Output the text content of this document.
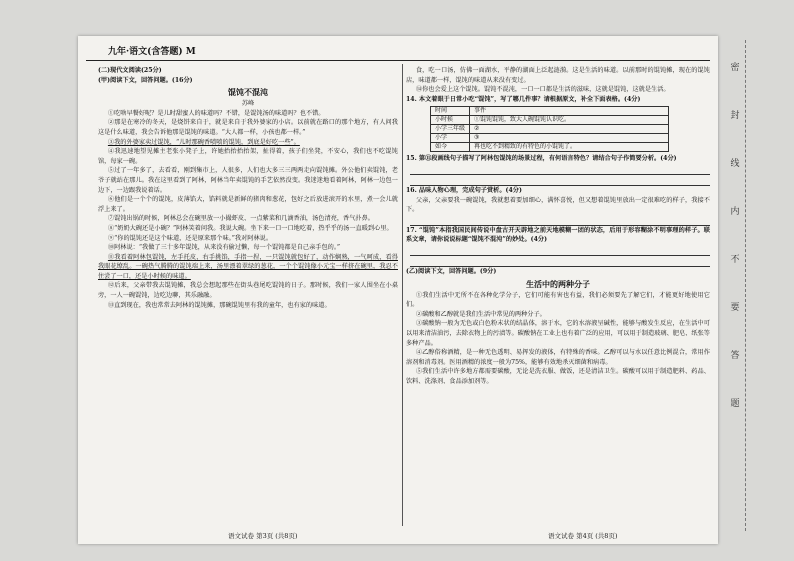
九年·语文(含答题) M

(二)现代文阅读(25分)

(甲)阅读下文，回答问题。(16分)

馄饨不混沌
苏峰

①吃啥早餐好呢？是儿时甜蜜人的味道吗？不错，是馄饨汤的味道吗？也不错。

②那是在寒冷的冬天，是烧饼来自于，就是来自于我外婆家的小店。以前就在路口的那个地方，有人问我这是什么味道，我会告诉他那是馄饨的味道。“大人都一样，小孩也都一样。”

③我的外婆家卖过馄饨，“儿时那碗香喷喷的馄饨，到底是好吃一些”。

④我迅速地望见摊主老张小凳子上，许她抬抬抬抬架，扯得着，孩子们坐凳，不安心，我们也不吃馄饨馆，每家一碗。

⑤过了一年多了，去看看，刚到集市上，人很多，人们也大多三三两两走向馄饨摊。外公他们卖馄饨，老爷子就站在那儿。我在这里看到了阿林，阿林当年卖馄饨的手艺依然没变。我迷迷地看着阿林，阿林一边包一边下，一边跟我说着话。

⑥他们是一个个的馄饨，皮薄馅大，馅料就是新鲜的猪肉和葱花，包好之后放进滚开的水里，煮一会儿就浮上来了。

⑦馄饨出锅的时候，阿林总会在碗里放一小撮虾皮、一点紫菜和几滴香油，汤色清亮，香气扑鼻。

⑧“奶奶大碗还是小碗？”阿林笑着问我。我说大碗。坐下来一口一口地吃着，热乎乎的汤一直暖到心里。

⑨“你的馄饨还是这个味道，还是原来那个味。”我对阿林说。

⑩阿林说：“我做了三十多年馄饨，从来没有偷过懒，每一个馄饨都是自己亲手包的。”

⑪我看着阿林包馄饨，左手托皮，右手挑馅，手指一捏，一只馄饨就包好了，动作娴熟，一气呵成，看得我眼花缭乱。一碗热气腾腾的馄饨端上来，汤里漂着翠绿的葱花，一个个馄饨像小元宝一样挤在碗里，我忍不住尝了一口，还是小时候的味道。

⑫后来，父亲带我去馄饨摊，我总会想起那些在街头巷尾吃馄饨的日子。那时候，我们一家人围坐在小桌旁，一人一碗馄饨，边吃边聊，其乐融融。

⑬直到现在，我也常常去阿林的馄饨摊，那碗馄饨里有我的童年，也有家的味道。

食，吃一口汤，仿佛一面湖水，平静的湖面上泛起涟漪。这是生活的味道。以前那时的馄饨摊，现在的馄饨店，味道都一样，馄饨的味道从来没有变过。

⑭你也会爱上这个馄饨。馄饨不混沌，一口一口都是生活的滋味，这就是馄饨，这就是生活。

14. 本文着眼于日常小吃“馄饨”，写了哪几件事？请根据原文，补全下面表格。(4分)

时间	事件
小时候	①馄饨馄饨，致大人碗馄饨认识吃。
小学三年级	②
小学	③
如今	再也吃不到精致的有特色的小馄饨了。

15. 第⑪段画线句子描写了阿林包馄饨的场景过程，有何语言特色？请结合句子作简要分析。(4分)

16. 品味人物心理，完成句子赏析。(4分)

父亲，父亲要我一碗馄饨，我就想着要加细心，满怀喜悦，但又想着馄饨里放出一定很难吃的样子，我接不下。

17. “馄饨”本指我国民间传说中盘古开天辟地之前天地模糊一团的状态，后用于形容糊涂不明事理的样子。联系文章，请你说说标题“馄饨不混沌”的妙处。(4分)

(乙)阅读下文，回答问题。(9分)

生活中的两种分子

①我们生活中无所不在各种化学分子，它们可能有害也有益，我们必须要先了解它们，才能更好地使用它们。

②碳酸和乙醇就是我们生活中常见的两种分子。

③碳酸钠一般为无色或白色粉末状的结晶体，溶于水，它的水溶液呈碱性，能够与酸发生反应，在生活中可以用来清洁油污，去除衣物上的污渍等。碳酸钠在工业上也有着广泛的应用，可以用于制造玻璃、肥皂、纸张等多种产品。

④乙醇俗称酒精，是一种无色透明、易挥发的液体，有特殊的香味。乙醇可以与水以任意比例混合，常用作溶剂和消毒剂。医用酒精的浓度一般为75%，能够有效地杀灭细菌和病毒。

⑤我们生活中许多地方都需要碳酸，无论是洗衣服、做饭，还是清洁卫生。碳酸可以用于制造肥料、药品、饮料、洗涤剂、食品添加剂等。

语文试卷 第3页 (共8页)	语文试卷 第4页 (共8页)
密
封
线
内
不
要
答
题
